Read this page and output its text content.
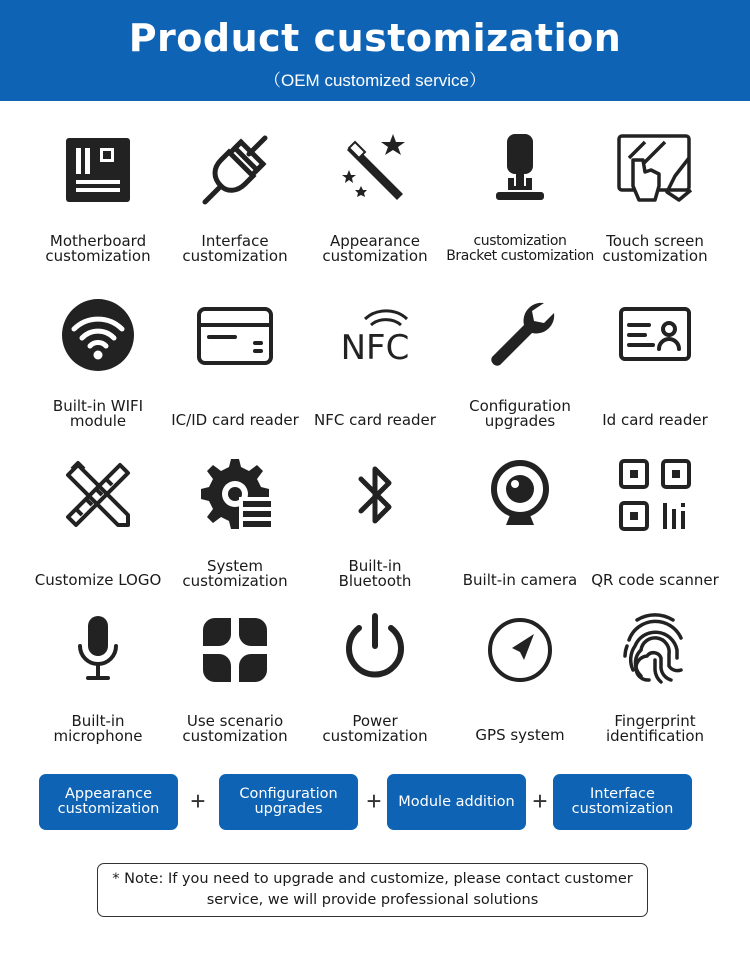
Product customization
（OEM customized service）
Motherboard
customization
Interface
customization
Appearance
customization
customization
Bracket customization
Touch screen
customization
Built-in WIFI
module	IC/ID card reader
NFC
NFC card reader
Configuration
upgrades	Id card reader
Customize LOGO
System
customization
Built-in
Bluetooth	Built-in camera QR code scanner
Built-in
microphone
Use scenario
customization
Power
customization	GPS system
Fingerprint
identification
Appearance
customization	+	Configuration
upgrades	+	Module addition +	Interface
customization
* Note: If you need to upgrade and customize, please contact customer service, we will provide professional solutions
